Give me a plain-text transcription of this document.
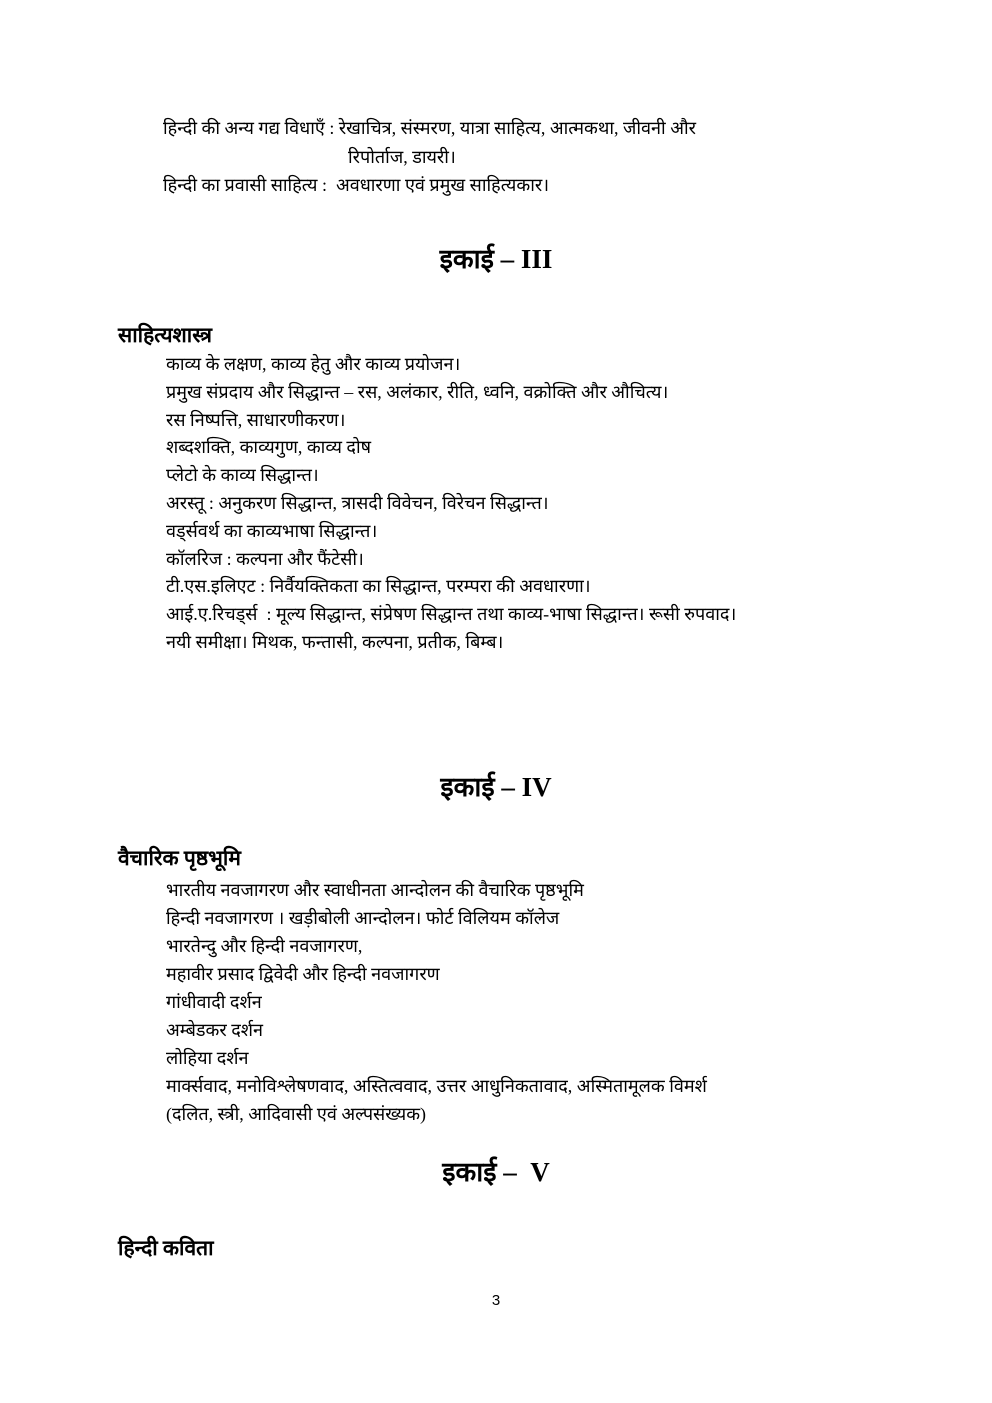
हिन्दी की अन्य गद्य विधाएँ : रेखाचित्र, संस्मरण, यात्रा साहित्य, आत्मकथा, जीवनी और
रिपोर्ताज, डायरी।
हिन्दी का प्रवासी साहित्य :  अवधारणा एवं प्रमुख साहित्यकार।
इकाई – III
साहित्यशास्त्र
काव्य के लक्षण, काव्य हेतु और काव्य प्रयोजन।
प्रमुख संप्रदाय और सिद्धान्त – रस, अलंकार, रीति, ध्वनि, वक्रोक्ति और औचित्य।
रस निष्पत्ति, साधारणीकरण।
शब्दशक्ति, काव्यगुण, काव्य दोष
प्लेटो के काव्य सिद्धान्त।
अरस्तू : अनुकरण सिद्धान्त, त्रासदी विवेचन, विरेचन सिद्धान्त।
वड्‌र्सवर्थ का काव्यभाषा सिद्धान्त।
कॉलरिज : कल्पना और फैंटेसी।
टी.एस.इलिएट : निर्वैयक्तिकता का सिद्धान्त, परम्परा की अवधारणा।
आई.ए.रिचड्‌र्स  : मूल्य सिद्धान्त, संप्रेषण सिद्धान्त तथा काव्य-भाषा सिद्धान्त। रूसी रुपवाद।
नयी समीक्षा। मिथक, फन्तासी, कल्पना, प्रतीक, बिम्ब।
इकाई – IV
वैचारिक पृष्ठभूमि
भारतीय नवजागरण और स्वाधीनता आन्दोलन की वैचारिक पृष्ठभूमि
हिन्दी नवजागरण । खड़ीबोली आन्दोलन। फोर्ट विलियम कॉलेज
भारतेन्दु और हिन्दी नवजागरण,
महावीर प्रसाद द्विवेदी और हिन्दी नवजागरण
गांधीवादी दर्शन
अम्बेडकर दर्शन
लोहिया दर्शन
मार्क्सवाद, मनोविश्लेषणवाद, अस्तित्ववाद, उत्तर आधुनिकतावाद, अस्मितामूलक विमर्श
(दलित, स्त्री, आदिवासी एवं अल्पसंख्यक)
इकाई –  V
हिन्दी कविता
3
